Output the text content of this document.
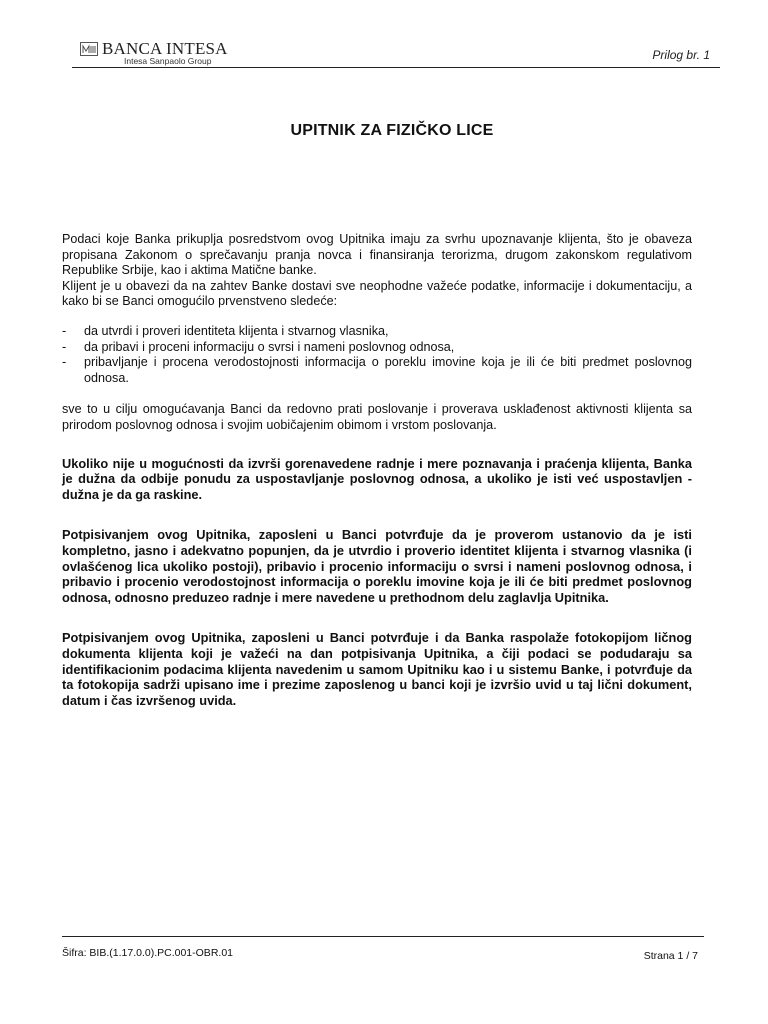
BANCA INTESA
Intesa Sanpaolo Group	Prilog br. 1
UPITNIK ZA FIZIČKO LICE

Podaci koje Banka prikuplja posredstvom ovog Upitnika imaju za svrhu upoznavanje klijenta, što je obaveza propisana Zakonom o sprečavanju pranja novca i finansiranja terorizma, drugom zakonskom regulativom Republike Srbije, kao i aktima Matične banke.

Klijent je u obavezi da na zahtev Banke dostavi sve neophodne važeće podatke, informacije i dokumentaciju, a kako bi se Banci omogućilo prvenstveno sledeće:

- da utvrdi i proveri identiteta klijenta i stvarnog vlasnika,
- da pribavi i proceni informaciju o svrsi i nameni poslovnog odnosa,
- pribavljanje i procena verodostojnosti informacija o poreklu imovine koja je ili će biti predmet poslovnog odnosa.

sve to u cilju omogućavanja Banci da redovno prati poslovanje i proverava usklađenost aktivnosti klijenta sa prirodom poslovnog odnosa i svojim uobičajenim obimom i vrstom poslovanja.

Ukoliko nije u mogućnosti da izvrši gorenavedene radnje i mere poznavanja i praćenja klijenta, Banka je dužna da odbije ponudu za uspostavljanje poslovnog odnosa, a ukoliko je isti već uspostavljen - dužna je da ga raskine.

Potpisivanjem ovog Upitnika, zaposleni u Banci potvrđuje da je proverom ustanovio da je isti kompletno, jasno i adekvatno popunjen, da je utvrdio i proverio identitet klijenta i stvarnog vlasnika (i ovlašćenog lica ukoliko postoji), pribavio i procenio informaciju o svrsi i nameni poslovnog odnosa, i pribavio i procenio verodostojnost informacija o poreklu imovine koja je ili će biti predmet poslovnog odnosa, odnosno preduzeo radnje i mere navedene u prethodnom delu zaglavlja Upitnika.

Potpisivanjem ovog Upitnika, zaposleni u Banci potvrđuje i da Banka raspolaže fotokopijom ličnog dokumenta klijenta koji je važeći na dan potpisivanja Upitnika, a čiji podaci se podudaraju sa identifikacionim podacima klijenta navedenim u samom Upitniku kao i u sistemu Banke, i potvrđuje da ta fotokopija sadrži upisano ime i prezime zaposlenog u banci koji je izvršio uvid u taj lični dokument, datum i čas izvršenog uvida.

Šifra: BIB.(1.17.0.0).PC.001-OBR.01	Strana 1 / 7
